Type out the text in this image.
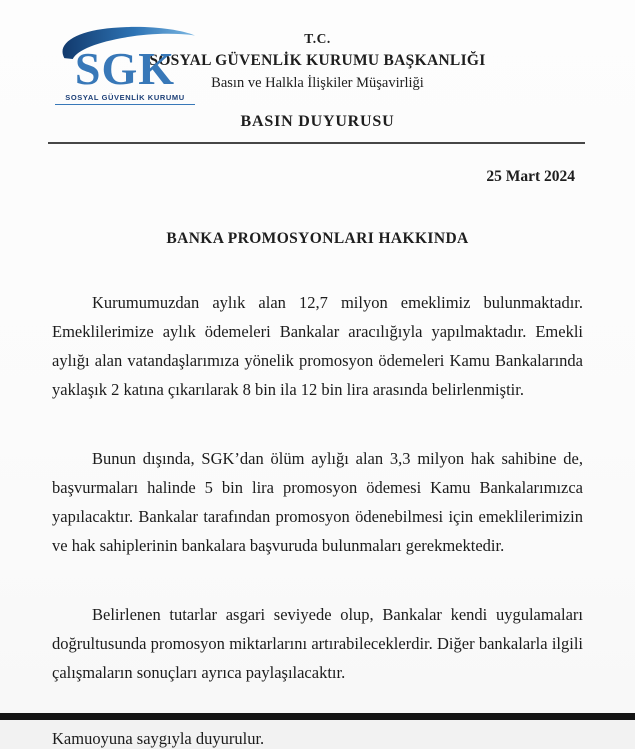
SGK
SOSYAL GÜVENLİK KURUMU
T.C.
SOSYAL GÜVENLİK KURUMU BAŞKANLIĞI
Basın ve Halkla İlişkiler Müşavirliği
BASIN DUYURUSU
25 Mart 2024
BANKA PROMOSYONLARI HAKKINDA

Kurumumuzdan aylık alan 12,7 milyon emeklimiz bulunmaktadır. Emeklilerimize aylık ödemeleri Bankalar aracılığıyla yapılmaktadır. Emekli aylığı alan vatandaşlarımıza yönelik promosyon ödemeleri Kamu Bankalarında yaklaşık 2 katına çıkarılarak 8 bin ila 12 bin lira arasında belirlenmiştir.

Bunun dışında, SGK’dan ölüm aylığı alan 3,3 milyon hak sahibine de, başvurmaları halinde 5 bin lira promosyon ödemesi Kamu Bankalarımızca yapılacaktır. Bankalar tarafından promosyon ödenebilmesi için emeklilerimizin ve hak sahiplerinin bankalara başvuruda bulunmaları gerekmektedir.

Belirlenen tutarlar asgari seviyede olup, Bankalar kendi uygulamaları doğrultusunda promosyon miktarlarını artırabileceklerdir. Diğer bankalarla ilgili çalışmaların sonuçları ayrıca paylaşılacaktır.

Kamuoyuna saygıyla duyurulur.
